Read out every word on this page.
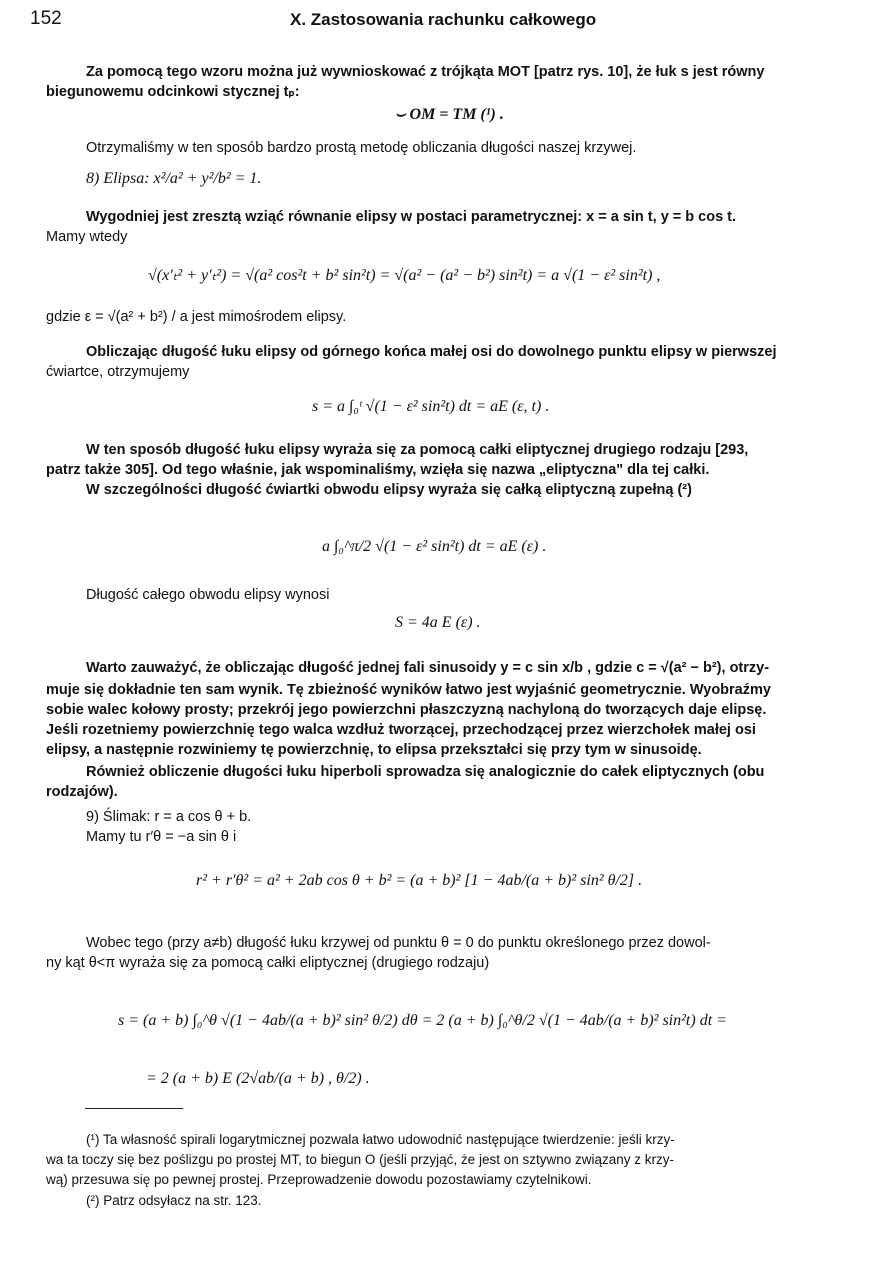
152	X. Zastosowania rachunku całkowego
Za pomocą tego wzoru można już wywnioskować z trójkąta MOT [patrz rys. 10], że łuk s jest równy
biegunowemu odcinkowi stycznej tₚ:
⌣ OM = TM (¹) .
Otrzymaliśmy w ten sposób bardzo prostą metodę obliczania długości naszej krzywej.
8) Elipsa: x²/a² + y²/b² = 1.
Wygodniej jest zresztą wziąć równanie elipsy w postaci parametrycznej: x = a sin t, y = b cos t.
Mamy wtedy
√(x′ₜ² + y′ₜ²) = √(a² cos²t + b² sin²t) = √(a² − (a² − b²) sin²t) = a √(1 − ε² sin²t) ,
gdzie ε = √(a² + b²) / a jest mimośrodem elipsy.
Obliczając długość łuku elipsy od górnego końca małej osi do dowolnego punktu elipsy w pierwszej
ćwiartce, otrzymujemy
s = a ∫₀ᵗ √(1 − ε² sin²t) dt = aE (ε, t) .
W ten sposób długość łuku elipsy wyraża się za pomocą całki eliptycznej drugiego rodzaju [293,
patrz także 305]. Od tego właśnie, jak wspominaliśmy, wzięła się nazwa „eliptyczna" dla tej całki.
W szczególności długość ćwiartki obwodu elipsy wyraża się całką eliptyczną zupełną (²)
a ∫₀^π/2 √(1 − ε² sin²t) dt = aE (ε) .
Długość całego obwodu elipsy wynosi
S = 4a E (ε) .
Warto zauważyć, że obliczając długość jednej fali sinusoidy y = c sin x/b , gdzie c = √(a² − b²), otrzy-
muje się dokładnie ten sam wynik. Tę zbieżność wyników łatwo jest wyjaśnić geometrycznie. Wyobraźmy
sobie walec kołowy prosty; przekrój jego powierzchni płaszczyzną nachyloną do tworzących daje elipsę.
Jeśli rozetniemy powierzchnię tego walca wzdłuż tworzącej, przechodzącej przez wierzchołek małej osi
elipsy, a następnie rozwiniemy tę powierzchnię, to elipsa przekształci się przy tym w sinusoidę.
Również obliczenie długości łuku hiperboli sprowadza się analogicznie do całek eliptycznych (obu
rodzajów).
9) Ślimak: r = a cos θ + b.
Mamy tu r′θ = −a sin θ i
r² + r′θ² = a² + 2ab cos θ + b² = (a + b)² [1 − 4ab/(a + b)² sin² θ/2] .
Wobec tego (przy a≠b) długość łuku krzywej od punktu θ = 0 do punktu określonego przez dowol-
ny kąt θ<π wyraża się za pomocą całki eliptycznej (drugiego rodzaju)
s = (a + b) ∫₀^θ √(1 − 4ab/(a + b)² sin² θ/2) dθ = 2 (a + b) ∫₀^θ/2 √(1 − 4ab/(a + b)² sin²t) dt =
= 2 (a + b) E (2√ab/(a + b) , θ/2) .
(¹) Ta własność spirali logarytmicznej pozwala łatwo udowodnić następujące twierdzenie: jeśli krzy-
wa ta toczy się bez poślizgu po prostej MT, to biegun O (jeśli przyjąć, że jest on sztywno związany z krzy-
wą) przesuwa się po pewnej prostej. Przeprowadzenie dowodu pozostawiamy czytelnikowi.
(²) Patrz odsyłacz na str. 123.
